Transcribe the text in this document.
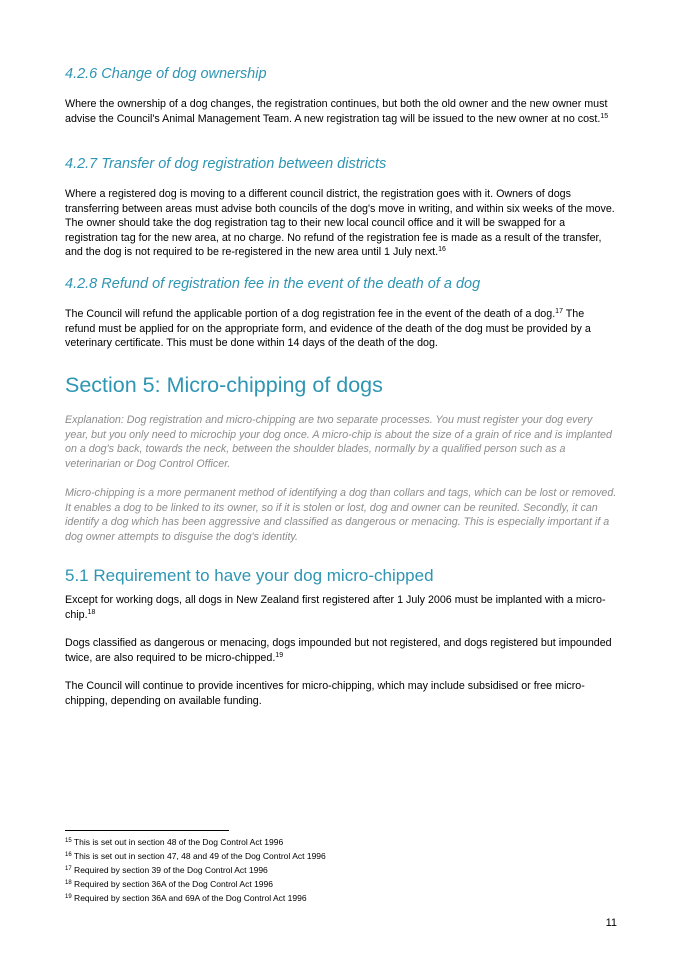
4.2.6 Change of dog ownership

Where the ownership of a dog changes, the registration continues, but both the old owner and the new owner must advise the Council's Animal Management Team. A new registration tag will be issued to the new owner at no cost.$^{15}$

4.2.7 Transfer of dog registration between districts

Where a registered dog is moving to a different council district, the registration goes with it. Owners of dogs transferring between areas must advise both councils of the dog's move in writing, and within six weeks of the move. The owner should take the dog registration tag to their new local council office and it will be swapped for a registration tag for the new area, at no charge. No refund of the registration fee is made as a result of the transfer, and the dog is not required to be re-registered in the new area until 1 July next.$^{16}$

4.2.8 Refund of registration fee in the event of the death of a dog

The Council will refund the applicable portion of a dog registration fee in the event of the death of a dog.$^{17}$ The refund must be applied for on the appropriate form, and evidence of the death of the dog must be provided by a veterinary certificate. This must be done within 14 days of the death of the dog.

Section 5: Micro-chipping of dogs

Explanation: Dog registration and micro-chipping are two separate processes. You must register your dog every year, but you only need to microchip your dog once. A micro-chip is about the size of a grain of rice and is implanted on a dog's back, towards the neck, between the shoulder blades, normally by a qualified person such as a veterinarian or Dog Control Officer.

Micro-chipping is a more permanent method of identifying a dog than collars and tags, which can be lost or removed. It enables a dog to be linked to its owner, so if it is stolen or lost, dog and owner can be reunited. Secondly, it can identify a dog which has been aggressive and classified as dangerous or menacing. This is especially important if a dog owner attempts to disguise the dog's identity.

5.1 Requirement to have your dog micro-chipped

Except for working dogs, all dogs in New Zealand first registered after 1 July 2006 must be implanted with a micro-chip.$^{18}$

Dogs classified as dangerous or menacing, dogs impounded but not registered, and dogs registered but impounded twice, are also required to be micro-chipped.$^{19}$

The Council will continue to provide incentives for micro-chipping, which may include subsidised or free micro-chipping, depending on available funding.

$^{15}$ This is set out in section 48 of the Dog Control Act 1996

$^{16}$ This is set out in section 47, 48 and 49 of the Dog Control Act 1996

$^{17}$ Required by section 39 of the Dog Control Act 1996

$^{18}$ Required by section 36A of the Dog Control Act 1996

$^{19}$ Required by section 36A and 69A of the Dog Control Act 1996

11
